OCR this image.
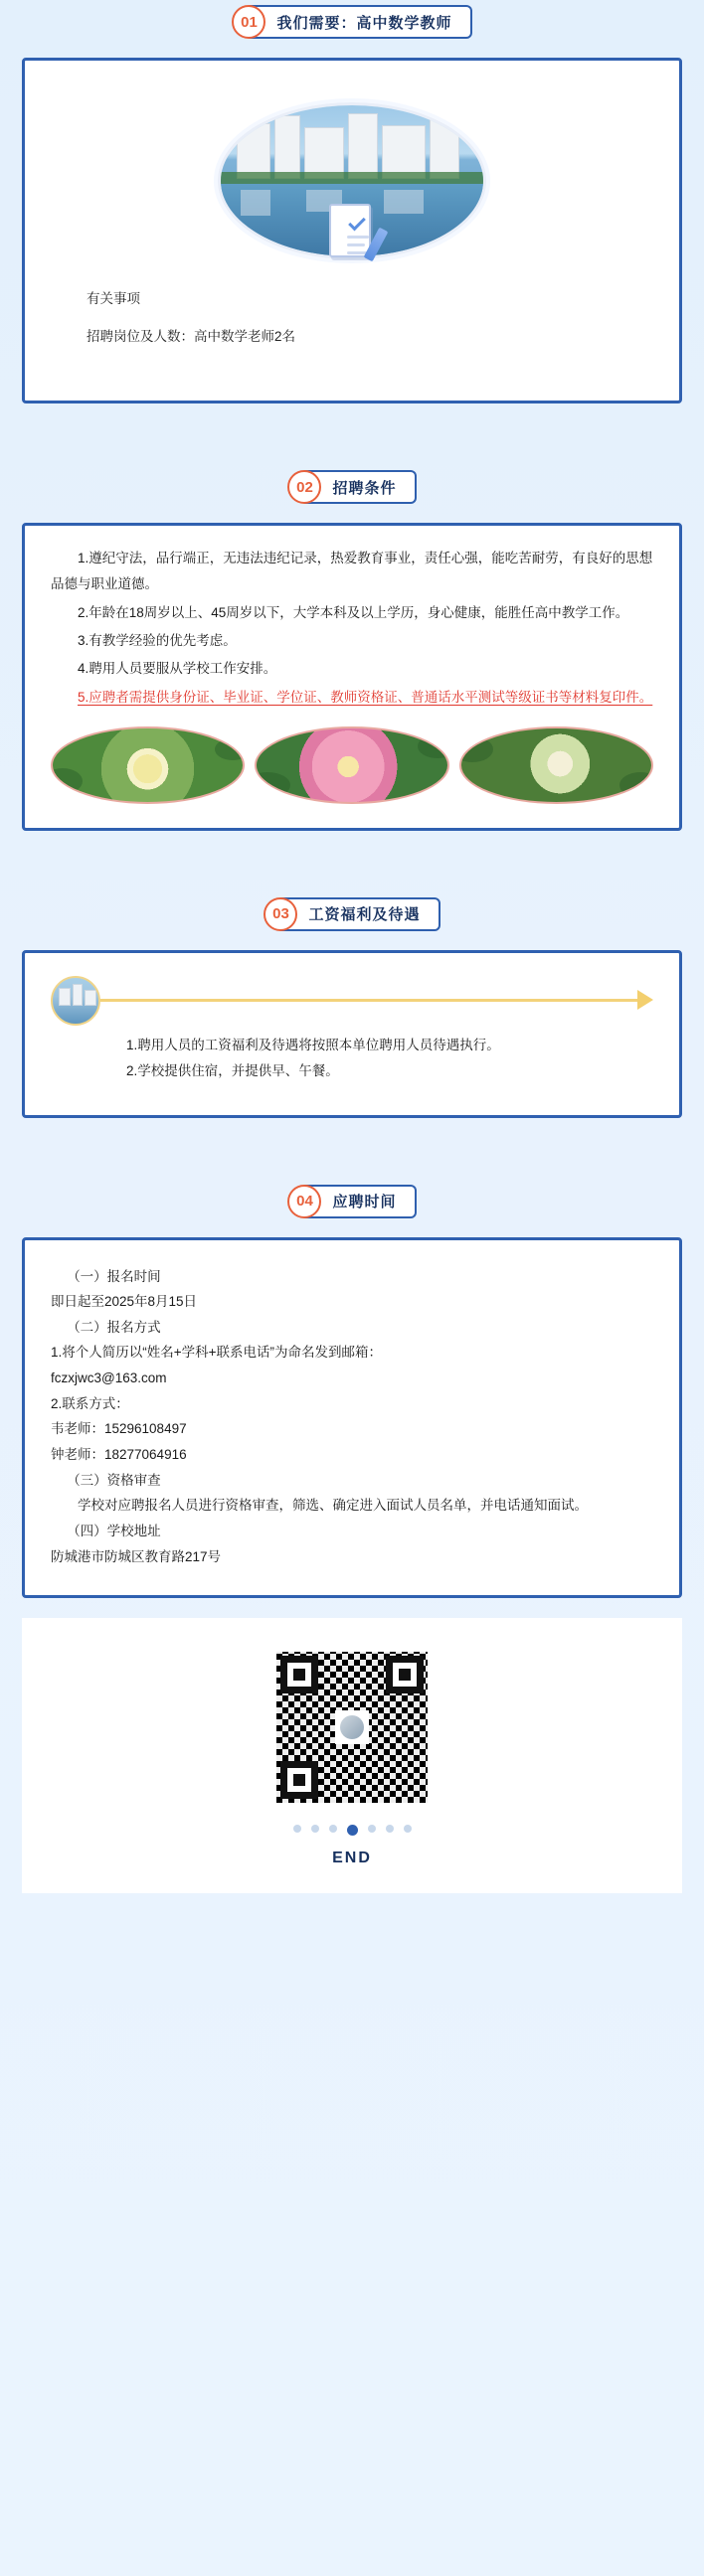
01	我们需要：高中数学教师

有关事项

招聘岗位及人数：高中数学老师2名

02	招聘条件

1.遵纪守法，品行端正，无违法违纪记录，热爱教育事业，责任心强，能吃苦耐劳，有良好的思想品德与职业道德。

2.年龄在18周岁以上、45周岁以下，大学本科及以上学历，身心健康，能胜任高中教学工作。

3.有教学经验的优先考虑。

4.聘用人员要服从学校工作安排。

5.应聘者需提供身份证、毕业证、学位证、教师资格证、普通话水平测试等级证书等材料复印件。

03	工资福利及待遇

1.聘用人员的工资福利及待遇将按照本单位聘用人员待遇执行。

2.学校提供住宿，并提供早、午餐。

04	应聘时间

（一）报名时间

即日起至2025年8月15日

（二）报名方式

1.将个人简历以“姓名+学科+联系电话”为命名发到邮箱：

fczxjwc3@163.com

2.联系方式：

韦老师：15296108497

钟老师：18277064916

（三）资格审查

学校对应聘报名人员进行资格审查，筛选、确定进入面试人员名单，并电话通知面试。

（四）学校地址

防城港市防城区教育路217号

END
